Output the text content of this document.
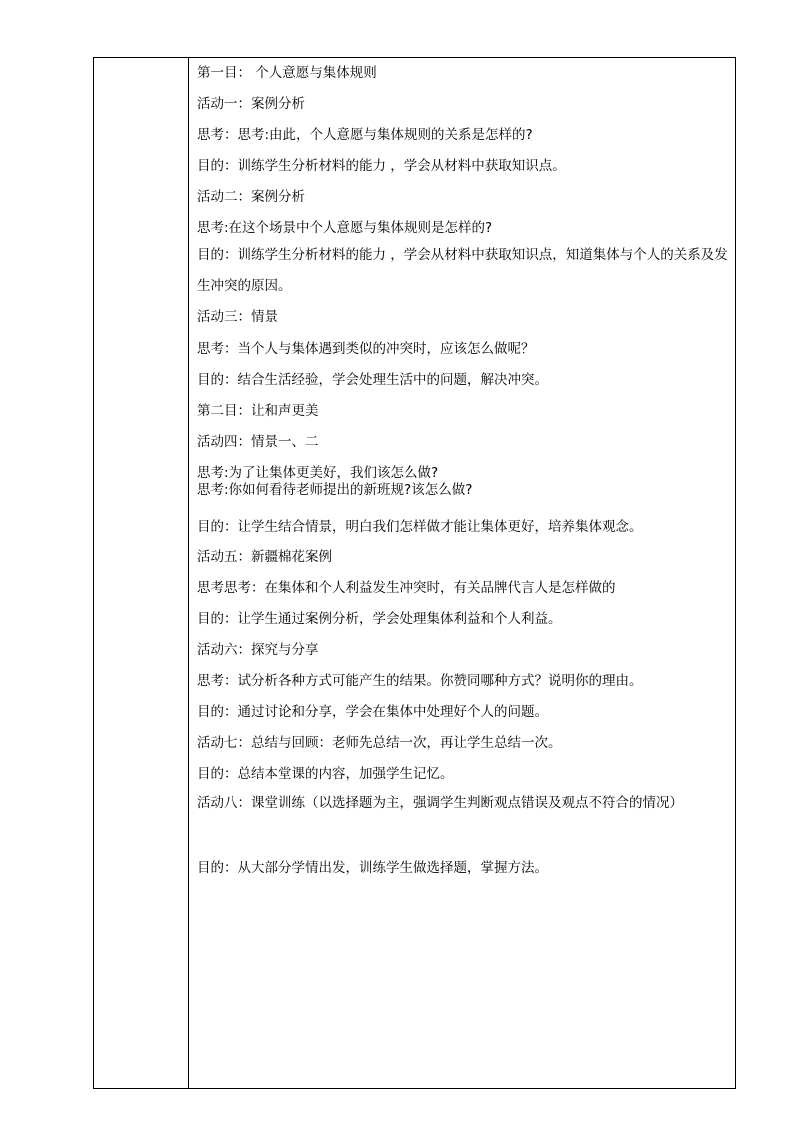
第一目： 个人意愿与集体规则
活动一：案例分析
思考：思考:由此，个人意愿与集体规则的关系是怎样的?
目的：训练学生分析材料的能力 ，学会从材料中获取知识点。
活动二：案例分析
思考:在这个场景中个人意愿与集体规则是怎样的?
目的：训练学生分析材料的能力 ，学会从材料中获取知识点，知道集体与个人的关系及发生冲突的原因。
活动三：情景
思考：当个人与集体遇到类似的冲突时，应该怎么做呢？
目的：结合生活经验，学会处理生活中的问题，解决冲突。
第二目：让和声更美
活动四：情景一、二
思考:为了让集体更美好，我们该怎么做?
思考:你如何看待老师提出的新班规?该怎么做?
目的：让学生结合情景，明白我们怎样做才能让集体更好，培养集体观念。
活动五：新疆棉花案例
思考思考：在集体和个人利益发生冲突时，有关品牌代言人是怎样做的
目的：让学生通过案例分析，学会处理集体利益和个人利益。
活动六：探究与分享
思考：试分析各种方式可能产生的结果。你赞同哪种方式？说明你的理由。
目的：通过讨论和分享，学会在集体中处理好个人的问题。
活动七：总结与回顾：老师先总结一次，再让学生总结一次。
目的：总结本堂课的内容，加强学生记忆。
活动八：课堂训练（以选择题为主，强调学生判断观点错误及观点不符合的情况）
目的：从大部分学情出发，训练学生做选择题，掌握方法。
